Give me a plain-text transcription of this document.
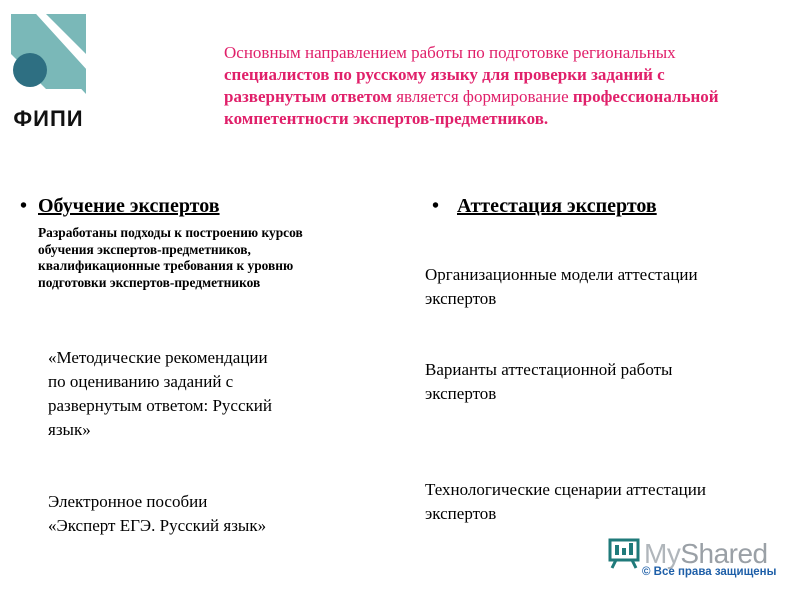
ФИПИ
Основным направлением работы по подготовке региональных специалистов по русскому языку для проверки заданий с развернутым ответом является формирование профессиональной компетентности экспертов-предметников.
• Обучение экспертов
Разработаны подходы к построению курсов обучения экспертов-предметников, квалификационные требования к уровню подготовки экспертов-предметников
«Методические рекомендации по оцениванию заданий с развернутым ответом: Русский язык»
Электронное пособии «Эксперт ЕГЭ. Русский язык»
• Аттестация экспертов
Организационные модели аттестации экспертов
Варианты аттестационной работы экспертов
Технологические сценарии аттестации экспертов
MyShared
© Все права защищены
